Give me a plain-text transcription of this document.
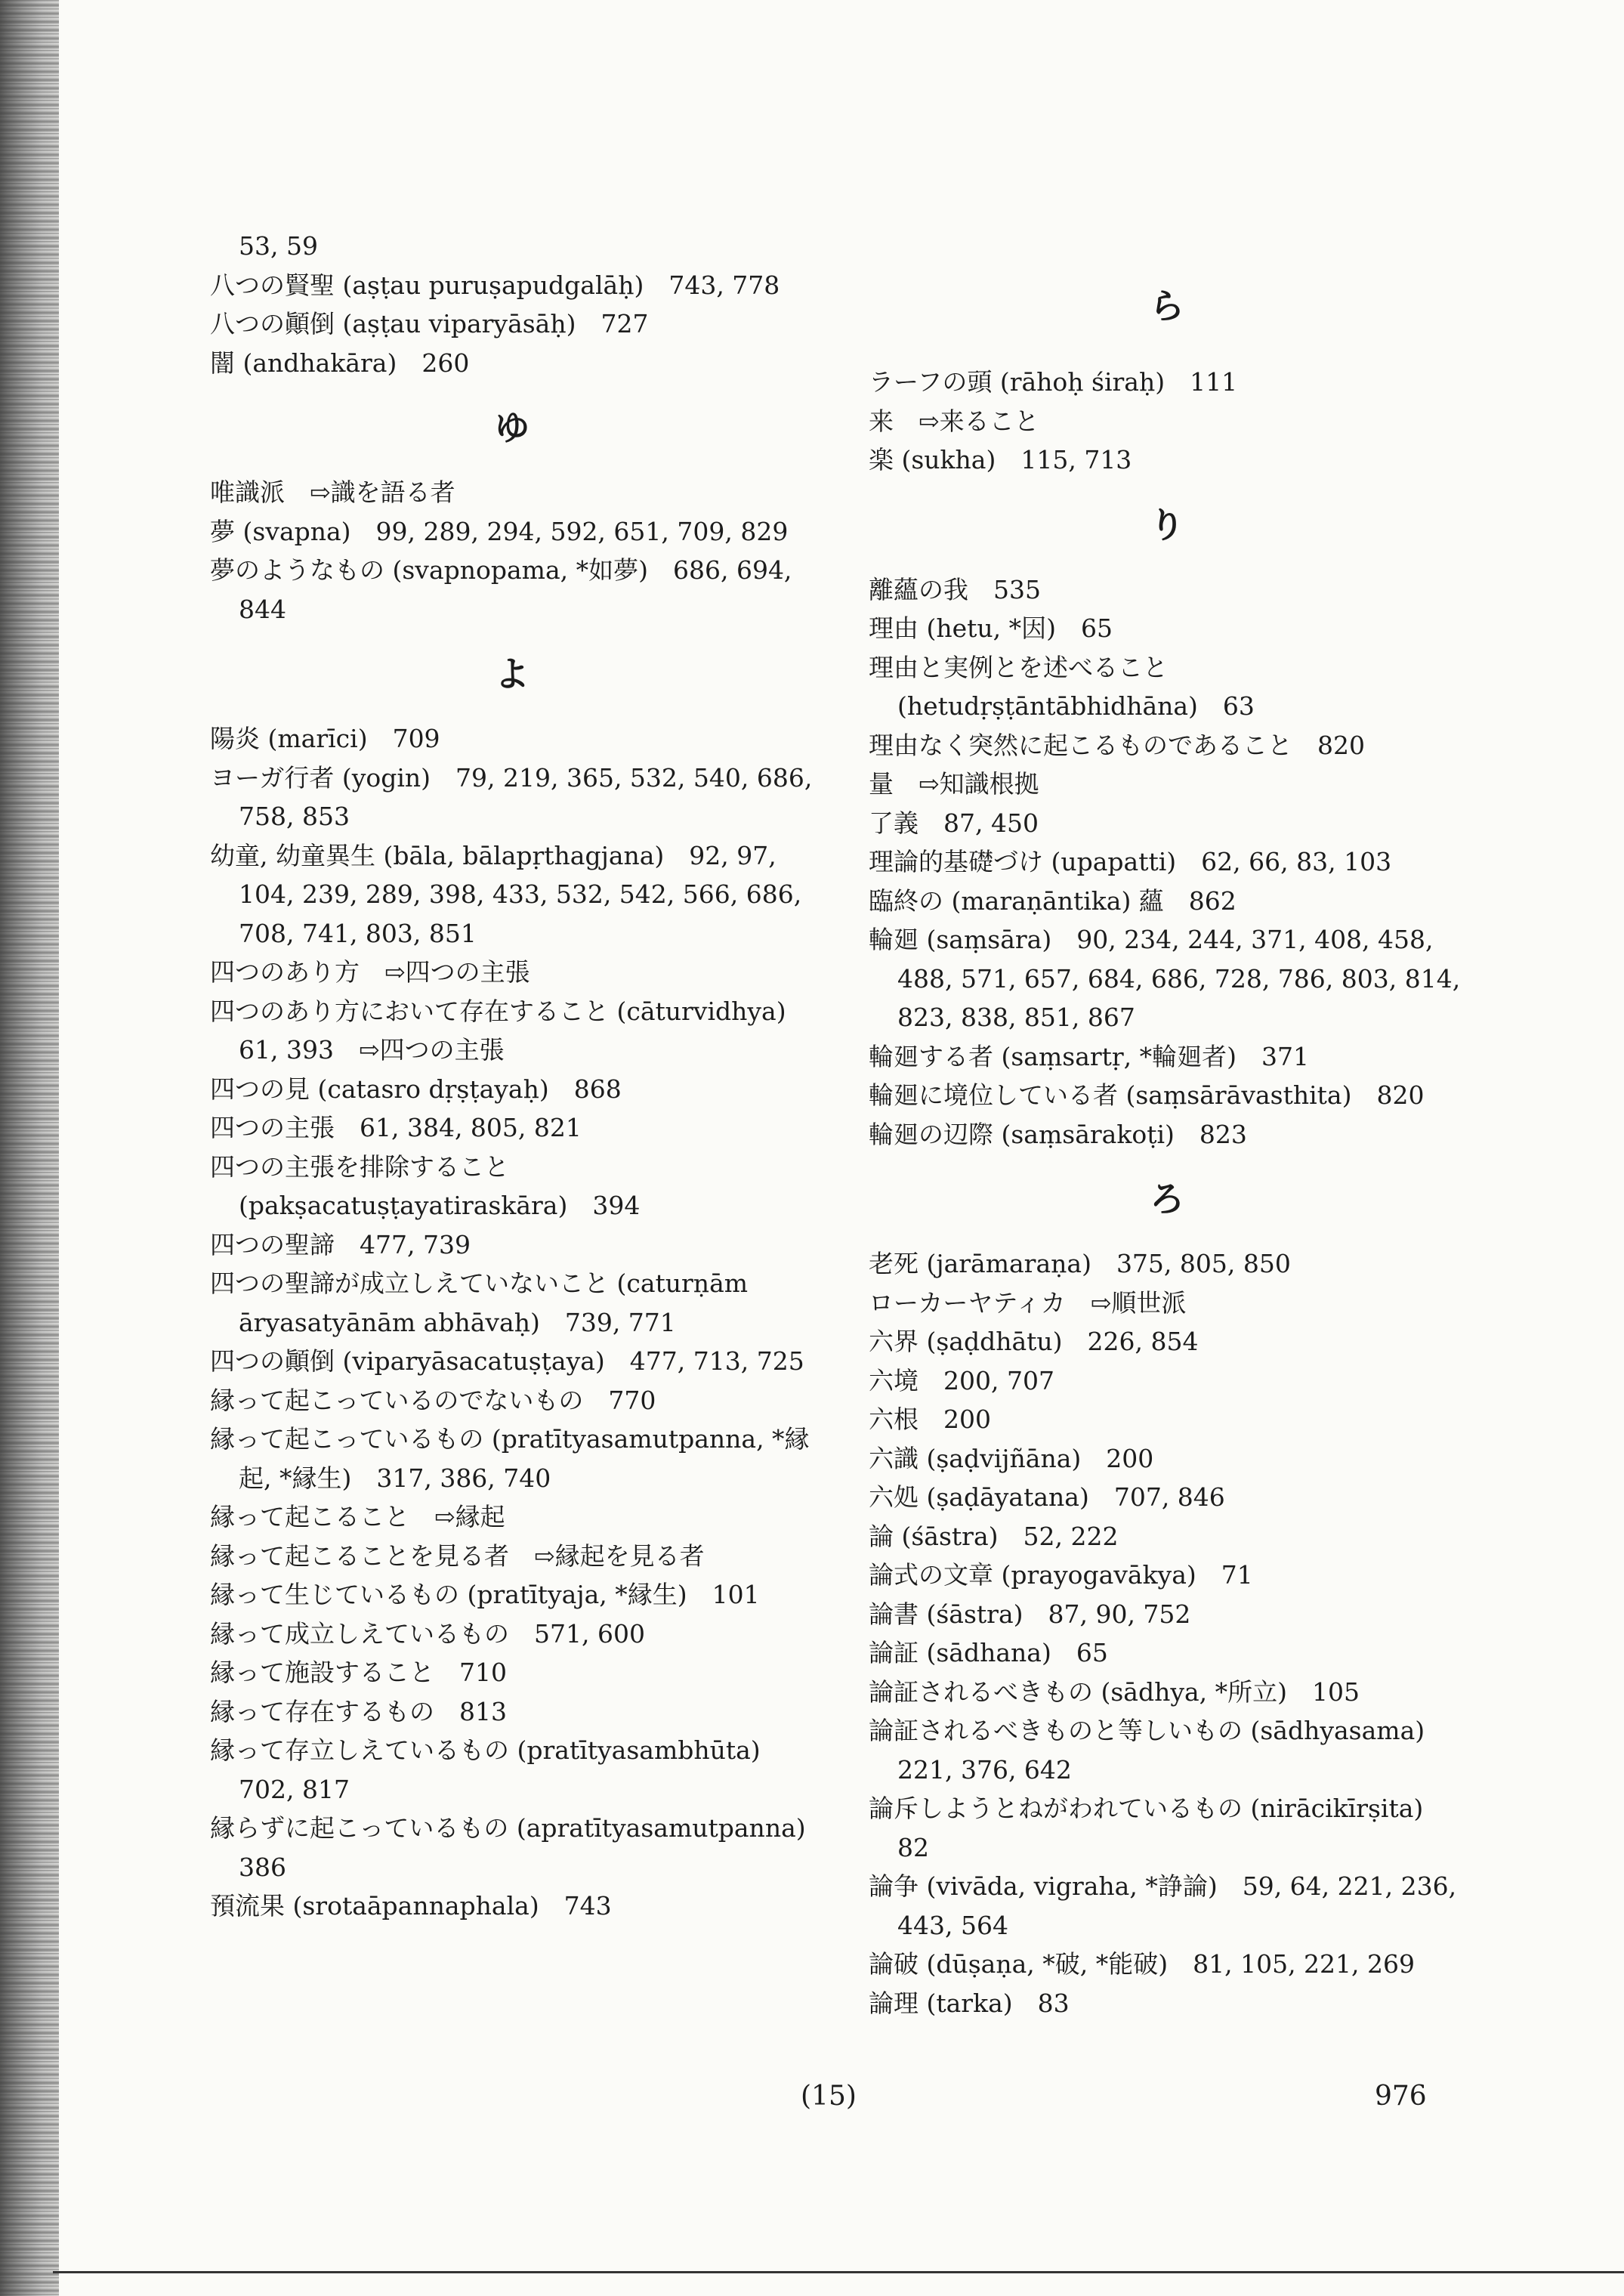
53, 59
八つの賢聖 (aṣṭau puruṣapudgalāḥ)　743, 778
八つの顚倒 (aṣṭau viparyāsāḥ)　727
闇 (andhakāra)　260
ゆ
唯識派　⇨識を語る者
夢 (svapna)　99, 289, 294, 592, 651, 709, 829
夢のようなもの (svapnopama, *如夢)　686, 694, 844
よ
陽炎 (marīci)　709
ヨーガ行者 (yogin)　79, 219, 365, 532, 540, 686, 758, 853
幼童, 幼童異生 (bāla, bālapṛthagjana)　92, 97, 104, 239, 289, 398, 433, 532, 542, 566, 686, 708, 741, 803, 851
四つのあり方　⇨四つの主張
四つのあり方において存在すること (cāturvidhya)　61, 393　⇨四つの主張
四つの見 (catasro dṛṣṭayaḥ)　868
四つの主張　61, 384, 805, 821
四つの主張を排除すること (pakṣacatuṣṭayatiraskāra)　394
四つの聖諦　477, 739
四つの聖諦が成立しえていないこと (caturṇām āryasatyānām abhāvaḥ)　739, 771
四つの顚倒 (viparyāsacatuṣṭaya)　477, 713, 725
縁って起こっているのでないもの　770
縁って起こっているもの (pratītyasamutpanna, *縁起, *縁生)　317, 386, 740
縁って起こること　⇨縁起
縁って起こることを見る者　⇨縁起を見る者
縁って生じているもの (pratītyaja, *縁生)　101
縁って成立しえているもの　571, 600
縁って施設すること　710
縁って存在するもの　813
縁って存立しえているもの (pratītyasambhūta)　702, 817
縁らずに起こっているもの (apratītyasamutpanna)　386
預流果 (srotaāpannaphala)　743
ら
ラーフの頭 (rāhoḥ śiraḥ)　111
来　⇨来ること
楽 (sukha)　115, 713
り
離蘊の我　535
理由 (hetu, *因)　65
理由と実例とを述べること (hetudṛṣṭāntābhidhāna)　63
理由なく突然に起こるものであること　820
量　⇨知識根拠
了義　87, 450
理論的基礎づけ (upapatti)　62, 66, 83, 103
臨終の (maraṇāntika) 蘊　862
輪廻 (saṃsāra)　90, 234, 244, 371, 408, 458, 488, 571, 657, 684, 686, 728, 786, 803, 814, 823, 838, 851, 867
輪廻する者 (saṃsartṛ, *輪廻者)　371
輪廻に境位している者 (saṃsārāvasthita)　820
輪廻の辺際 (saṃsārakoṭi)　823
ろ
老死 (jarāmaraṇa)　375, 805, 850
ローカーヤティカ　⇨順世派
六界 (ṣaḍdhātu)　226, 854
六境　200, 707
六根　200
六識 (ṣaḍvijñāna)　200
六処 (ṣaḍāyatana)　707, 846
論 (śāstra)　52, 222
論式の文章 (prayogavākya)　71
論書 (śāstra)　87, 90, 752
論証 (sādhana)　65
論証されるべきもの (sādhya, *所立)　105
論証されるべきものと等しいもの (sādhyasama)　221, 376, 642
論斥しようとねがわれているもの (nirācikīrṣita)　82
論争 (vivāda, vigraha, *諍論)　59, 64, 221, 236, 443, 564
論破 (dūṣaṇa, *破, *能破)　81, 105, 221, 269
論理 (tarka)　83
(15)	976
